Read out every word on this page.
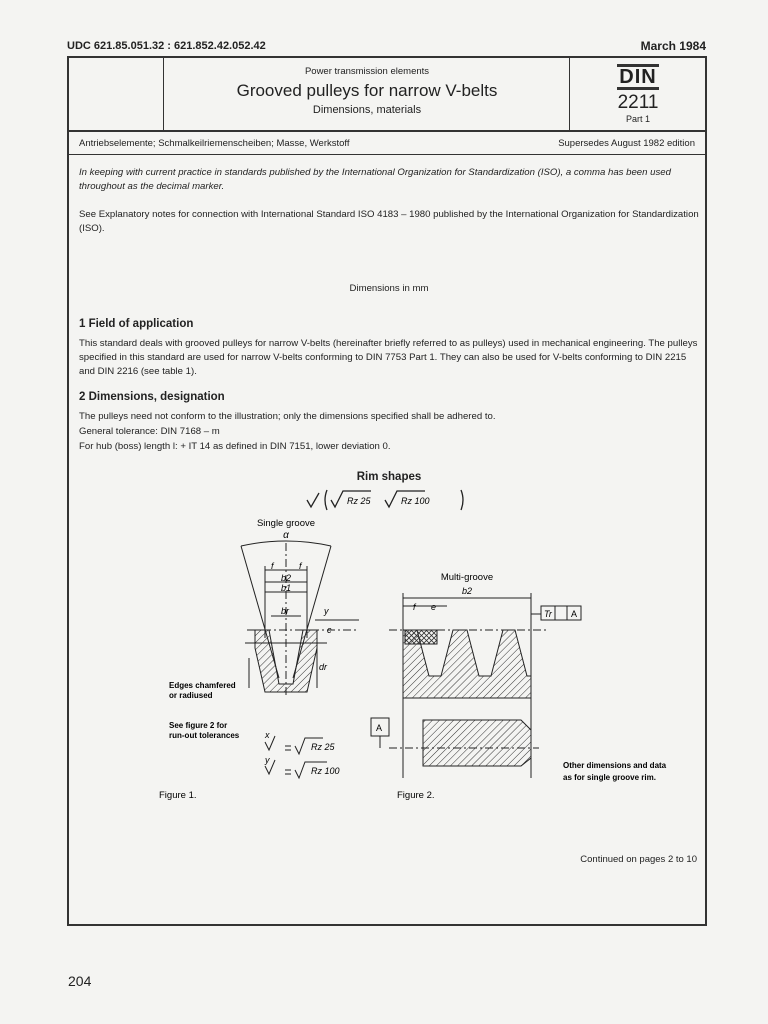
UDC 621.85.051.32 : 621.852.42.052.42	March 1984
Power transmission elements
Grooved pulleys for narrow V-belts
Dimensions, materials
DIN
2211
Part 1
Antriebselemente; Schmalkeilriemenscheiben; Masse, Werkstoff	Supersedes August 1982 edition
In keeping with current practice in standards published by the International Organization for Standardization (ISO), a comma has been used throughout as the decimal marker.
See Explanatory notes for connection with International Standard ISO 4183 – 1980 published by the International Organization for Standardization (ISO).
Dimensions in mm
1 Field of application
This standard deals with grooved pulleys for narrow V-belts (hereinafter briefly referred to as pulleys) used in mechanical engineering. The pulleys specified in this standard are used for narrow V-belts conforming to DIN 7753 Part 1. They can also be used for V-belts conforming to DIN 2215 and DIN 2216 (see table 1).
2 Dimensions, designation
The pulleys need not conform to the illustration; only the dimensions specified shall be adhered to.
General tolerance: DIN 7168 – m
For hub (boss) length l: + IT 14 as defined in DIN 7151, lower deviation 0.
Rim shapes
Rz 25	Rz 100
Single groove
α
f	f
b2
b1
br
c
dr
y
Edges chamfered
or radiused
See figure 2 for
run-out tolerances	x
Rz 25
y
Rz 100
Figure 1.
Multi-groove
b2
f e
Tr A
A
Other dimensions and data
as for single groove rim.
Figure 2.
Continued on pages 2 to 10
204
